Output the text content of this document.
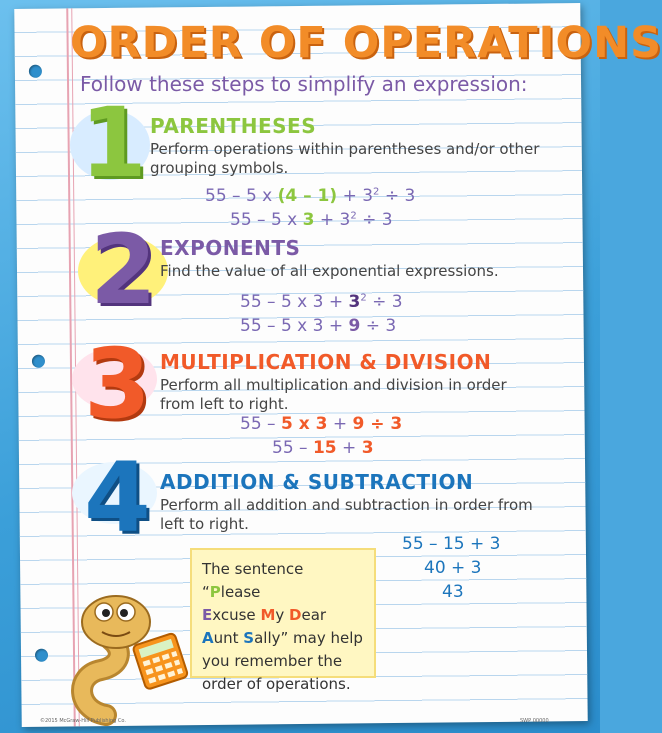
ORDER OF OPERATIONS
Follow these steps to simplify an expression:
1 PARENTHESES
Perform operations within parentheses and/or other grouping symbols.
55 – 5 x $(4 - 1) + 3^2 \div 3$
55 – 5 x $3 + 3^2 \div 3$
2 EXPONENTS
Find the value of all exponential expressions.
55 – 5 x $3 + 3^2 \div 3$
55 – 5 x 3 + 9 ÷ 3
3 MULTIPLICATION & DIVISION
Perform all multiplication and division in order from left to right.
55 – 5 x 3 + 9 ÷ 3
55 – 15 + 3
4 ADDITION & SUBTRACTION
Perform all addition and subtraction in order from left to right.
55 – 15 + 3
40 + 3
43
The sentence “Please
Excuse My Dear
Aunt Sally” may help
you remember the
order of operations.
©2015 McGraw-Hill Publishing Co.	SWP 00000
